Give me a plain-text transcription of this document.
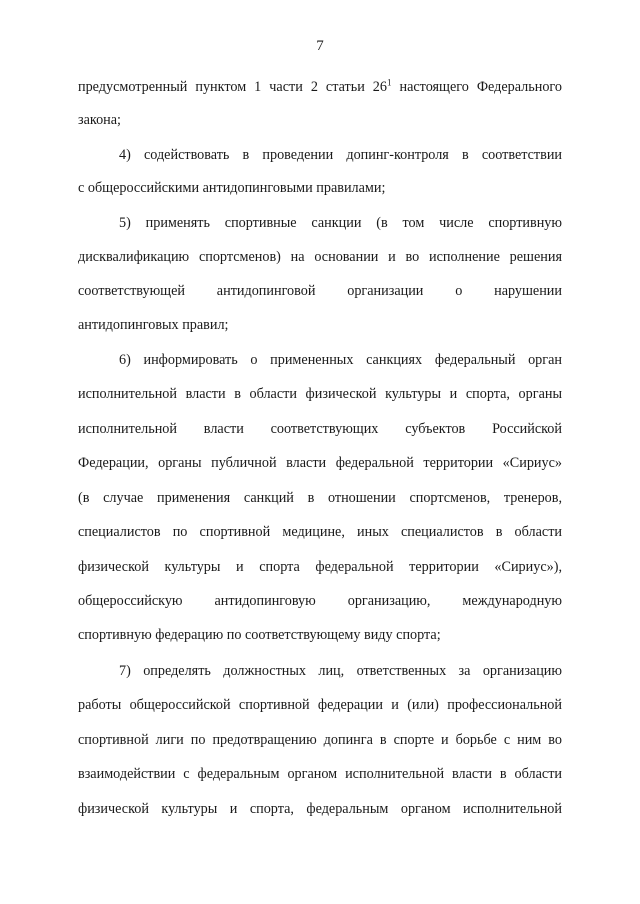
7
предусмотренный пунктом 1 части 2 статьи $26^1$ настоящего Федерального
закона;
4) содействовать в проведении допинг-контроля в соответствии
с общероссийскими антидопинговыми правилами;
5) применять спортивные санкции (в том числе спортивную
дисквалификацию спортсменов) на основании и во исполнение решения
соответствующей антидопинговой организации о нарушении
антидопинговых правил;
6) информировать о примененных санкциях федеральный орган
исполнительной власти в области физической культуры и спорта, органы
исполнительной власти соответствующих субъектов Российской
Федерации, органы публичной власти федеральной территории «Сириус»
(в случае применения санкций в отношении спортсменов, тренеров,
специалистов по спортивной медицине, иных специалистов в области
физической культуры и спорта федеральной территории «Сириус»),
общероссийскую антидопинговую организацию, международную
спортивную федерацию по соответствующему виду спорта;
7) определять должностных лиц, ответственных за организацию
работы общероссийской спортивной федерации и (или) профессиональной
спортивной лиги по предотвращению допинга в спорте и борьбе с ним во
взаимодействии с федеральным органом исполнительной власти в области
физической культуры и спорта, федеральным органом исполнительной
